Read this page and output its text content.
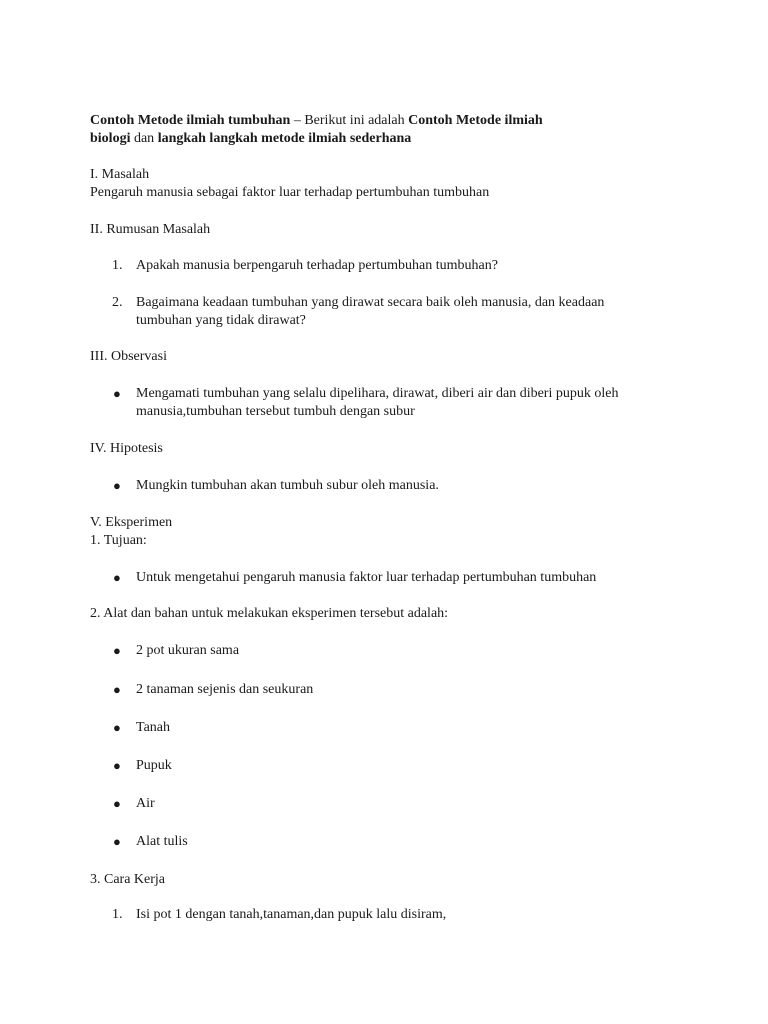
Contoh Metode ilmiah tumbuhan – Berikut ini adalah Contoh Metode ilmiah
biologi dan langkah langkah metode ilmiah sederhana
I. Masalah
Pengaruh manusia sebagai faktor luar terhadap pertumbuhan tumbuhan
II. Rumusan Masalah
1. Apakah manusia berpengaruh terhadap pertumbuhan tumbuhan?
2. Bagaimana keadaan tumbuhan yang dirawat secara baik oleh manusia, dan keadaan
tumbuhan yang tidak dirawat?
III. Observasi
● Mengamati tumbuhan yang selalu dipelihara, dirawat, diberi air dan diberi pupuk oleh
manusia,tumbuhan tersebut tumbuh dengan subur
IV. Hipotesis
● Mungkin tumbuhan akan tumbuh subur oleh manusia.
V. Eksperimen
1. Tujuan:
● Untuk mengetahui pengaruh manusia faktor luar terhadap pertumbuhan tumbuhan
2. Alat dan bahan untuk melakukan eksperimen tersebut adalah:
● 2 pot ukuran sama
● 2 tanaman sejenis dan seukuran
● Tanah
● Pupuk
● Air
● Alat tulis
3. Cara Kerja
1. Isi pot 1 dengan tanah,tanaman,dan pupuk lalu disiram,
